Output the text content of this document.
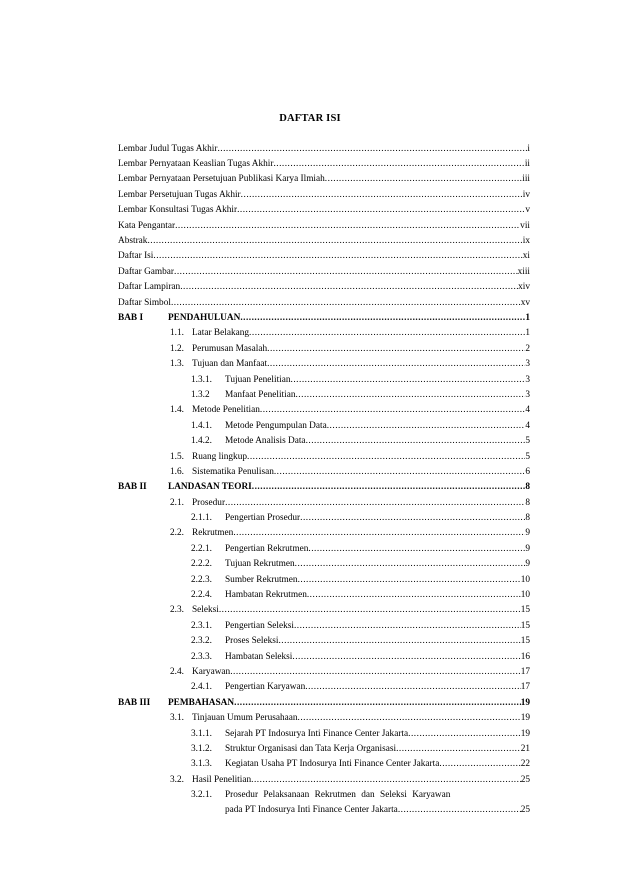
DAFTAR ISI
Lembar Judul Tugas Akhir .....	i
Lembar Pernyataan Keaslian Tugas Akhir .....	ii
Lembar Pernyataan Persetujuan Publikasi Karya Ilmiah .....	iii
Lembar Persetujuan Tugas Akhir .....	iv
Lembar Konsultasi Tugas Akhir .....	v
Kata Pengantar .....	vii
Abstrak .....	ix
Daftar Isi .....	xi
Daftar Gambar .....	xiii
Daftar Lampiran .....	xiv
Daftar Simbol .....	xv
BAB I	PENDAHULUAN .....	1
1.1. Latar Belakang .....	1
1.2. Perumusan Masalah .....	2
1.3. Tujuan dan Manfaat .....	3
1.3.1.	Tujuan Penelitian .....	3
1.3.2	Manfaat Penelitian .....	3
1.4. Metode Penelitian .....	4
1.4.1.	Metode Pengumpulan Data .....	4
1.4.2.	Metode Analisis Data .....	5
1.5. Ruang lingkup .....	5
1.6. Sistematika Penulisan .....	6
BAB II	LANDASAN TEORI .....	8
2.1. Prosedur .....	8
2.1.1.	Pengertian Prosedur .....	8
2.2. Rekrutmen .....	9
2.2.1.	Pengertian Rekrutmen .....	9
2.2.2.	Tujuan Rekrutmen .....	9
2.2.3.	Sumber Rekrutmen .....	10
2.2.4.	Hambatan Rekrutmen .....	10
2.3. Seleksi .....	15
2.3.1.	Pengertian Seleksi .....	15
2.3.2.	Proses Seleksi .....	15
2.3.3.	Hambatan Seleksi .....	16
2.4. Karyawan .....	17
2.4.1.	Pengertian Karyawan .....	17
BAB III	PEMBAHASAN .....	19
3.1. Tinjauan Umum Perusahaan .....	19
3.1.1.	Sejarah PT Indosurya Inti Finance Center Jakarta .....	19
3.1.2.	Struktur Organisasi dan Tata Kerja Organisasi .....	21
3.1.3.	Kegiatan Usaha PT Indosurya Inti Finance Center Jakarta .....	22
3.2. Hasil Penelitian .....	25
3.2.1.	Prosedur Pelaksanaan Rekrutmen dan Seleksi Karyawan
pada PT Indosurya Inti Finance Center Jakarta .....	25
